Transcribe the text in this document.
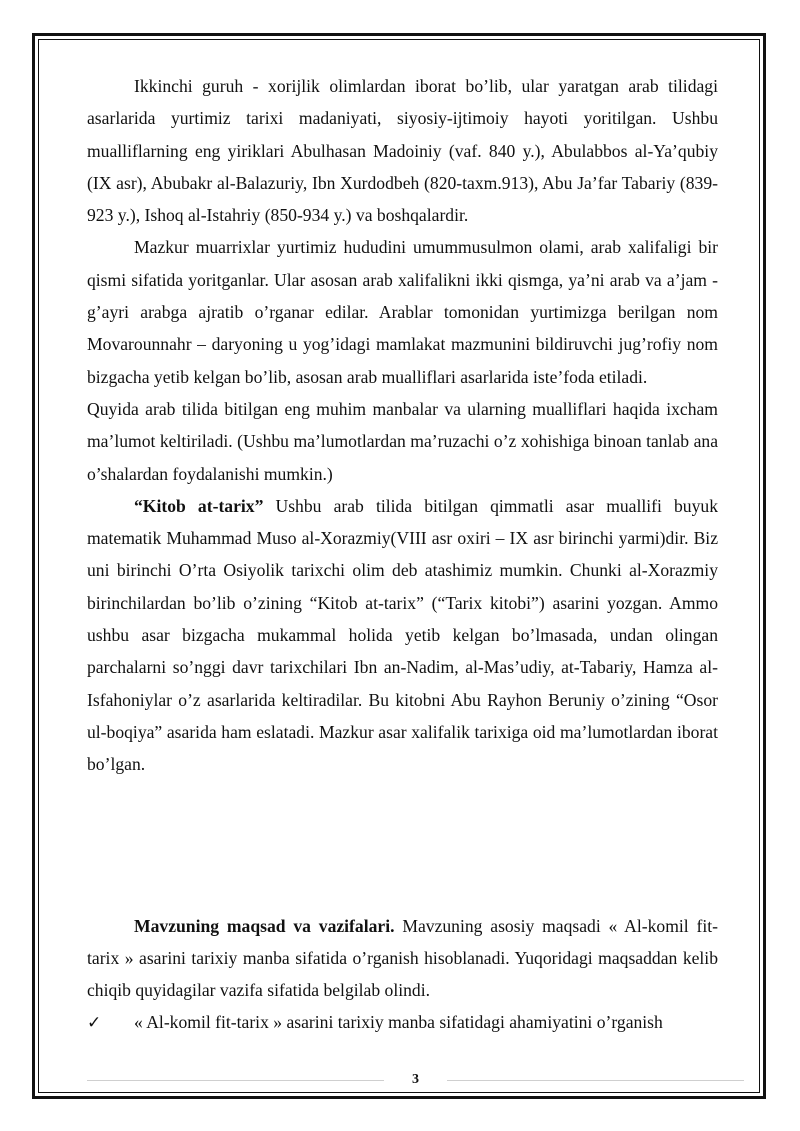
Ikkinchi guruh - xorijlik olimlardan iborat bo’lib, ular yaratgan arab tilidagi asarlarida yurtimiz tarixi madaniyati, siyosiy-ijtimoiy hayoti yoritilgan. Ushbu mualliflarning eng yiriklari Abulhasan Madoiniy (vaf. 840 y.), Abulabbos al-Ya’qubiy (IX asr), Abubakr al-Balazuriy, Ibn Xurdodbeh (820-taxm.913), Abu Ja’far Tabariy (839-923 y.), Ishoq al-Istahriy (850-934 y.) va boshqalardir.

Mazkur muarrixlar yurtimiz hududini umummusulmon olami, arab xalifaligi bir qismi sifatida yoritganlar. Ular asosan arab xalifalikni ikki qismga, ya’ni arab va a’jam - g’ayri arabga ajratib o’rganar edilar. Arablar tomonidan yurtimizga berilgan nom Movarounnahr – daryoning u yog’idagi mamlakat mazmunini bildiruvchi jug’rofiy nom bizgacha yetib kelgan bo’lib, asosan arab mualliflari asarlarida iste’foda etiladi.

Quyida arab tilida bitilgan eng muhim manbalar va ularning mualliflari haqida ixcham ma’lumot keltiriladi. (Ushbu ma’lumotlardan ma’ruzachi o’z xohishiga binoan tanlab ana o’shalardan foydalanishi mumkin.)

“Kitob at-tarix” Ushbu arab tilida bitilgan qimmatli asar muallifi buyuk matematik Muhammad Muso al-Xorazmiy(VIII asr oxiri – IX asr birinchi yarmi)dir. Biz uni birinchi O’rta Osiyolik tarixchi olim deb atashimiz mumkin. Chunki al-Xorazmiy birinchilardan bo’lib o’zining “Kitob at-tarix” (“Tarix kitobi”) asarini yozgan. Ammo ushbu asar bizgacha mukammal holida yetib kelgan bo’lmasada, undan olingan parchalarni so’nggi davr tarixchilari Ibn an-Nadim, al-Mas’udiy, at-Tabariy, Hamza al-Isfahoniylar o’z asarlarida keltiradilar. Bu kitobni Abu Rayhon Beruniy o’zining “Osor ul-boqiya” asarida ham eslatadi. Mazkur asar xalifalik tarixiga oid ma’lumotlardan iborat bo’lgan.

Mavzuning maqsad va vazifalari. Mavzuning asosiy maqsadi « Al-komil fit-tarix » asarini tarixiy manba sifatida o’rganish hisoblanadi. Yuqoridagi maqsaddan kelib chiqib quyidagilar vazifa sifatida belgilab olindi.

✓	« Al-komil fit-tarix » asarini tarixiy manba sifatidagi ahamiyatini o’rganish
3
